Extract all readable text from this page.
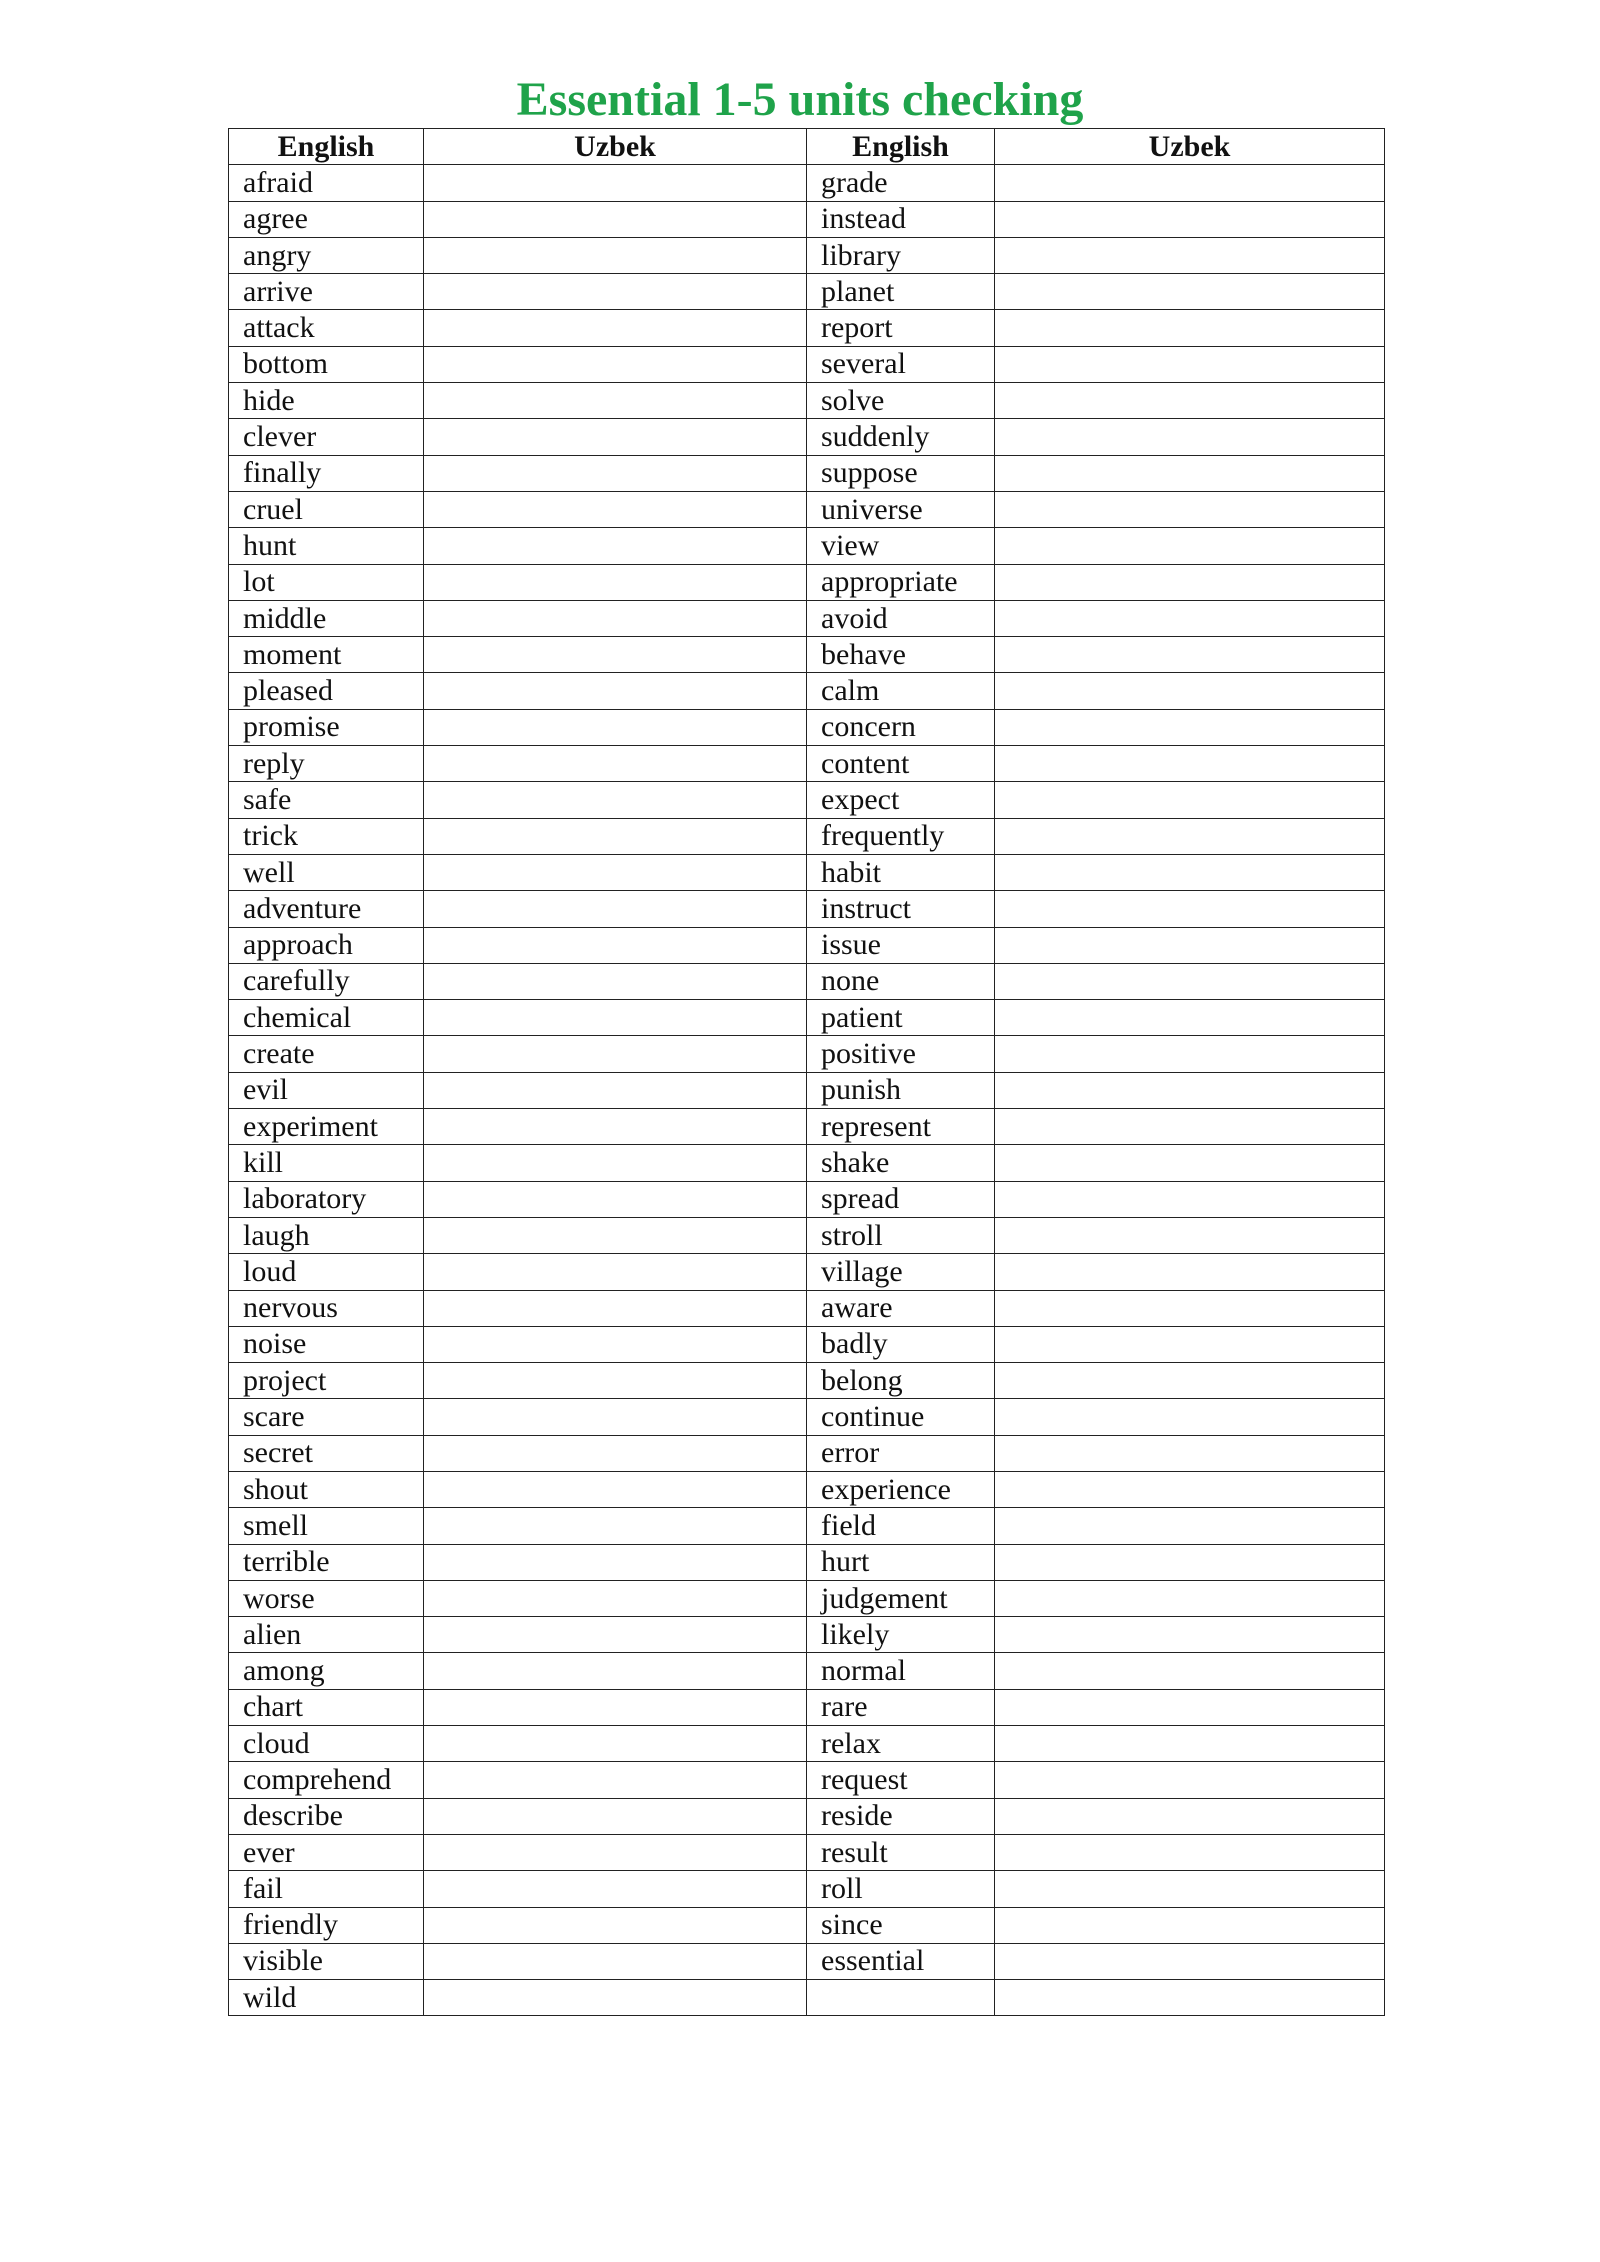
Essential 1-5 units checking
English	Uzbek	English	Uzbek
afraid		grade	
agree		instead	
angry		library	
arrive		planet	
attack		report	
bottom		several	
hide		solve	
clever		suddenly	
finally		suppose	
cruel		universe	
hunt		view	
lot		appropriate	
middle		avoid	
moment		behave	
pleased		calm	
promise		concern	
reply		content	
safe		expect	
trick		frequently	
well		habit	
adventure		instruct	
approach		issue	
carefully		none	
chemical		patient	
create		positive	
evil		punish	
experiment		represent	
kill		shake	
laboratory		spread	
laugh		stroll	
loud		village	
nervous		aware	
noise		badly	
project		belong	
scare		continue	
secret		error	
shout		experience	
smell		field	
terrible		hurt	
worse		judgement	
alien		likely	
among		normal	
chart		rare	
cloud		relax	
comprehend		request	
describe		reside	
ever		result	
fail		roll	
friendly		since	
visible		essential	
wild			
